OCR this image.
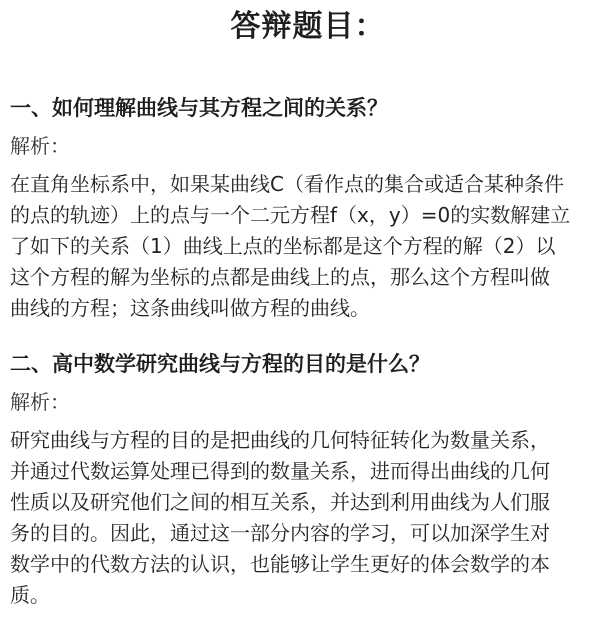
答辩题目：
一、如何理解曲线与其方程之间的关系？
解析：
在直角坐标系中，如果某曲线C（看作点的集合或适合某种条件
的点的轨迹）上的点与一个二元方程f（x，y）=0的实数解建立
了如下的关系（1）曲线上点的坐标都是这个方程的解（2）以
这个方程的解为坐标的点都是曲线上的点，那么这个方程叫做
曲线的方程；这条曲线叫做方程的曲线。
二、高中数学研究曲线与方程的目的是什么？
解析：
研究曲线与方程的目的是把曲线的几何特征转化为数量关系，
并通过代数运算处理已得到的数量关系，进而得出曲线的几何
性质以及研究他们之间的相互关系，并达到利用曲线为人们服
务的目的。因此，通过这一部分内容的学习，可以加深学生对
数学中的代数方法的认识，也能够让学生更好的体会数学的本
质。
